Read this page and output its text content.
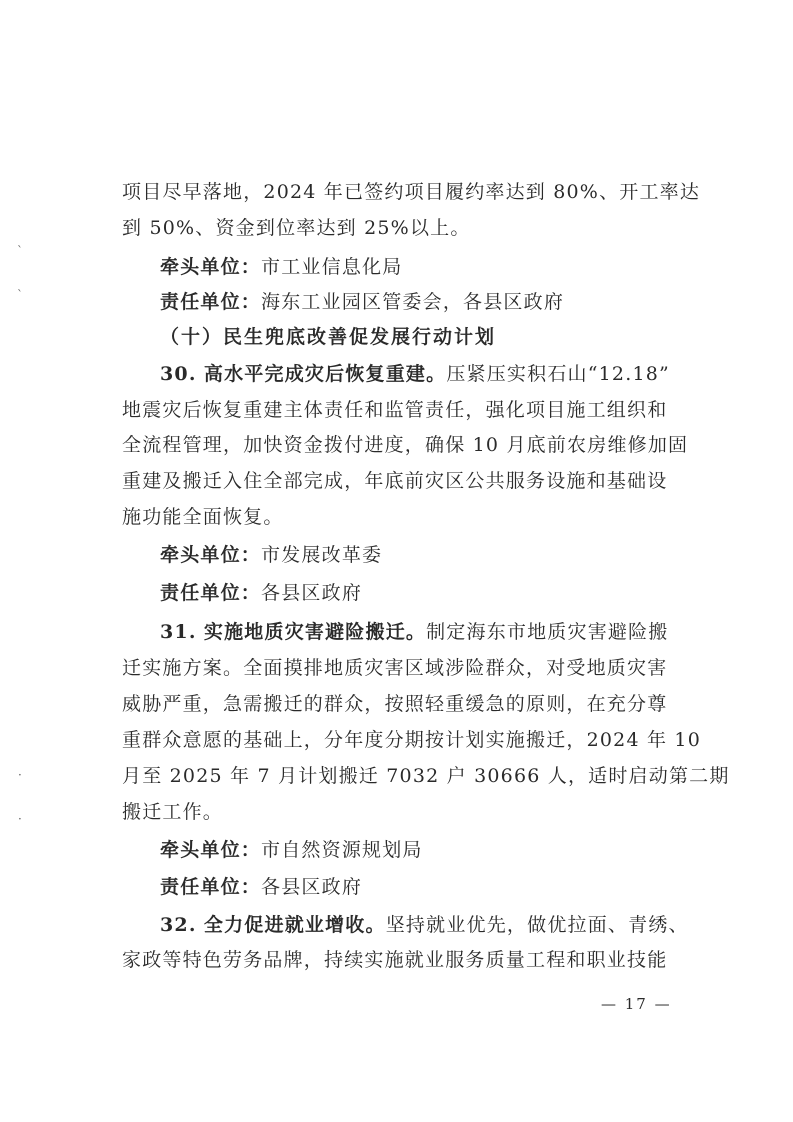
ˋ
ˋ
·
·
项目尽早落地，2024 年已签约项目履约率达到 80%、开工率达
到 50%、资金到位率达到 25%以上。
牵头单位：市工业信息化局
责任单位：海东工业园区管委会，各县区政府
（十）民生兜底改善促发展行动计划
30. 高水平完成灾后恢复重建。压紧压实积石山“12.18”
地震灾后恢复重建主体责任和监管责任，强化项目施工组织和
全流程管理，加快资金拨付进度，确保 10 月底前农房维修加固
重建及搬迁入住全部完成，年底前灾区公共服务设施和基础设
施功能全面恢复。
牵头单位：市发展改革委
责任单位：各县区政府
31. 实施地质灾害避险搬迁。制定海东市地质灾害避险搬
迁实施方案。全面摸排地质灾害区域涉险群众，对受地质灾害
威胁严重，急需搬迁的群众，按照轻重缓急的原则，在充分尊
重群众意愿的基础上，分年度分期按计划实施搬迁，2024 年 10
月至 2025 年 7 月计划搬迁 7032 户 30666 人，适时启动第二期
搬迁工作。
牵头单位：市自然资源规划局
责任单位：各县区政府
32. 全力促进就业增收。坚持就业优先，做优拉面、青绣、
家政等特色劳务品牌，持续实施就业服务质量工程和职业技能
— 17 —
